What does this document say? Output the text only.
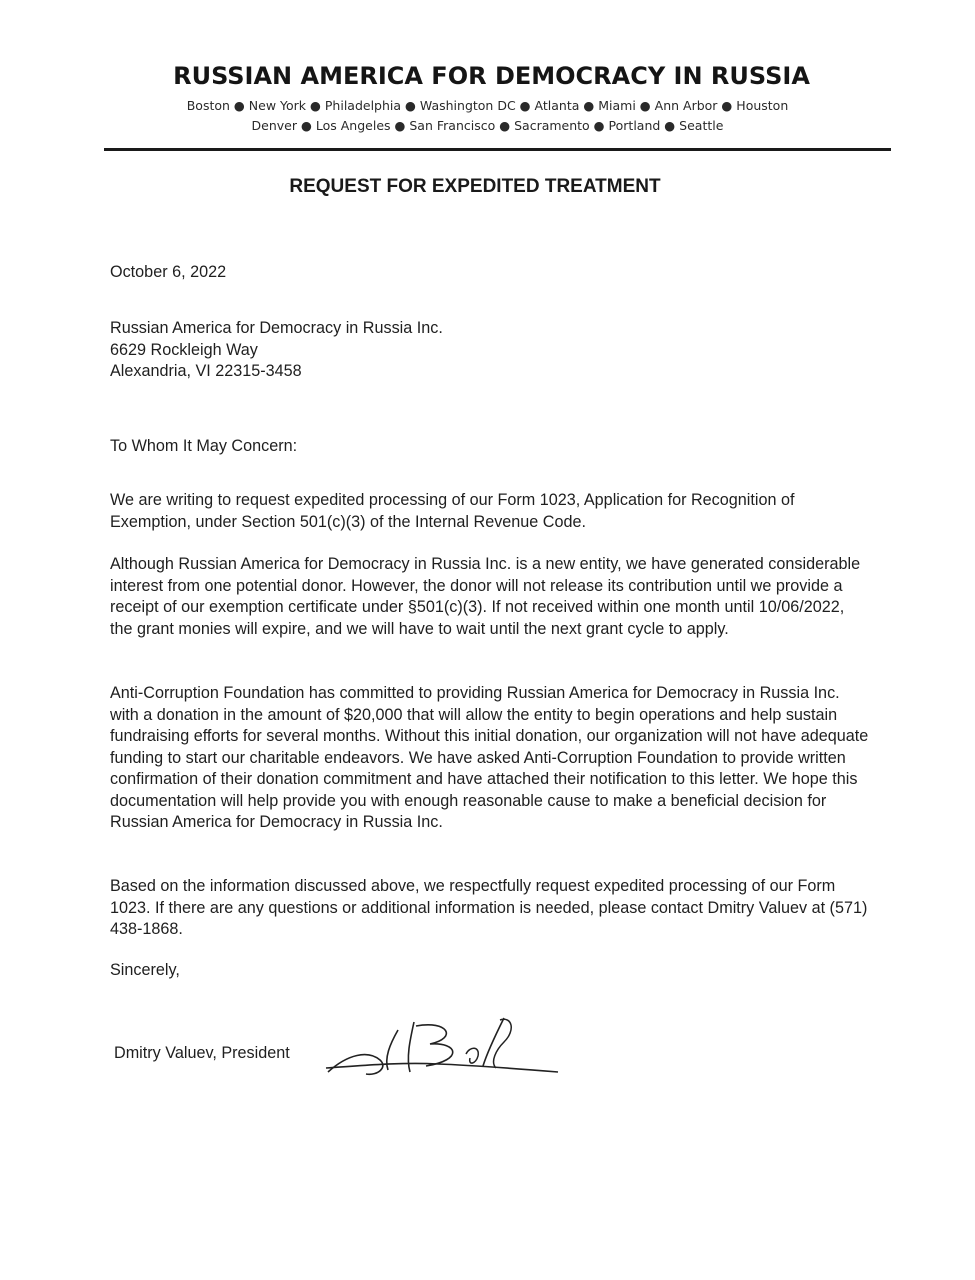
RUSSIAN AMERICA FOR DEMOCRACY IN RUSSIA
Boston ● New York ● Philadelphia ● Washington DC ● Atlanta ● Miami ● Ann Arbor ● Houston
Denver ● Los Angeles ● San Francisco ● Sacramento ● Portland ● Seattle
REQUEST FOR EXPEDITED TREATMENT
October 6, 2022
Russian America for Democracy in Russia Inc.
6629 Rockleigh Way
Alexandria, VI 22315-3458
To Whom It May Concern:
We are writing to request expedited processing of our Form 1023, Application for Recognition of Exemption, under Section 501(c)(3) of the Internal Revenue Code.
Although Russian America for Democracy in Russia Inc. is a new entity, we have generated considerable interest from one potential donor. However, the donor will not release its contribution until we provide a receipt of our exemption certificate under §501(c)(3). If not received within one month until 10/06/2022, the grant monies will expire, and we will have to wait until the next grant cycle to apply.
Anti-Corruption Foundation has committed to providing Russian America for Democracy in Russia Inc. with a donation in the amount of $20,000 that will allow the entity to begin operations and help sustain fundraising efforts for several months. Without this initial donation, our organization will not have adequate funding to start our charitable endeavors. We have asked Anti-Corruption Foundation to provide written confirmation of their donation commitment and have attached their notification to this letter. We hope this documentation will help provide you with enough reasonable cause to make a beneficial decision for Russian America for Democracy in Russia Inc.
Based on the information discussed above, we respectfully request expedited processing of our Form 1023. If there are any questions or additional information is needed, please contact Dmitry Valuev at (571) 438-1868.
Sincerely,
Dmitry Valuev, President
